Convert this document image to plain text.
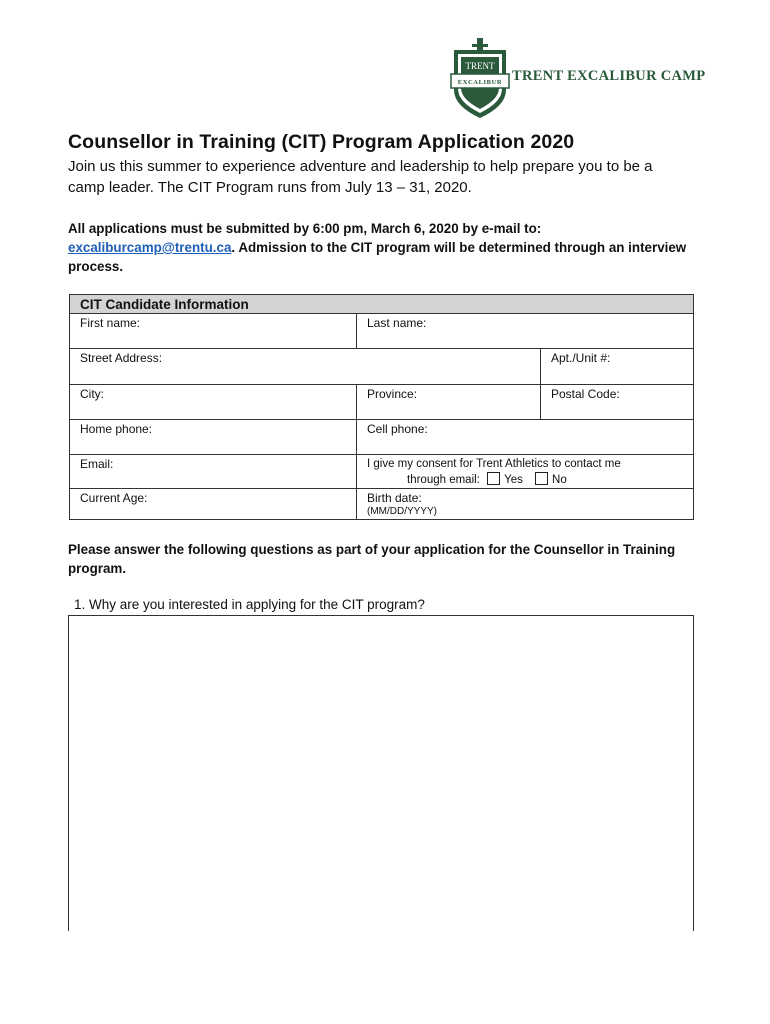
TRENT
EXCALIBUR TRENT EXCALIBUR CAMP
Counsellor in Training (CIT) Program Application 2020

Join us this summer to experience adventure and leadership to help prepare you to be a camp leader. The CIT Program runs from July 13 – 31, 2020.

All applications must be submitted by 6:00 pm, March 6, 2020 by e-mail to:
excaliburcamp@trentu.ca. Admission to the CIT program will be determined through an interview process.

CIT Candidate Information
First name:	Last name:
Street Address:	Apt./Unit #:
City:	Province:	Postal Code:
Home phone:	Cell phone:
Email:	I give my consent for Trent Athletics to contact me
through email: Yes	No
Current Age:	Birth date:
(MM/DD/YYYY)

Please answer the following questions as part of your application for the Counsellor in Training program.

1. Why are you interested in applying for the CIT program?
